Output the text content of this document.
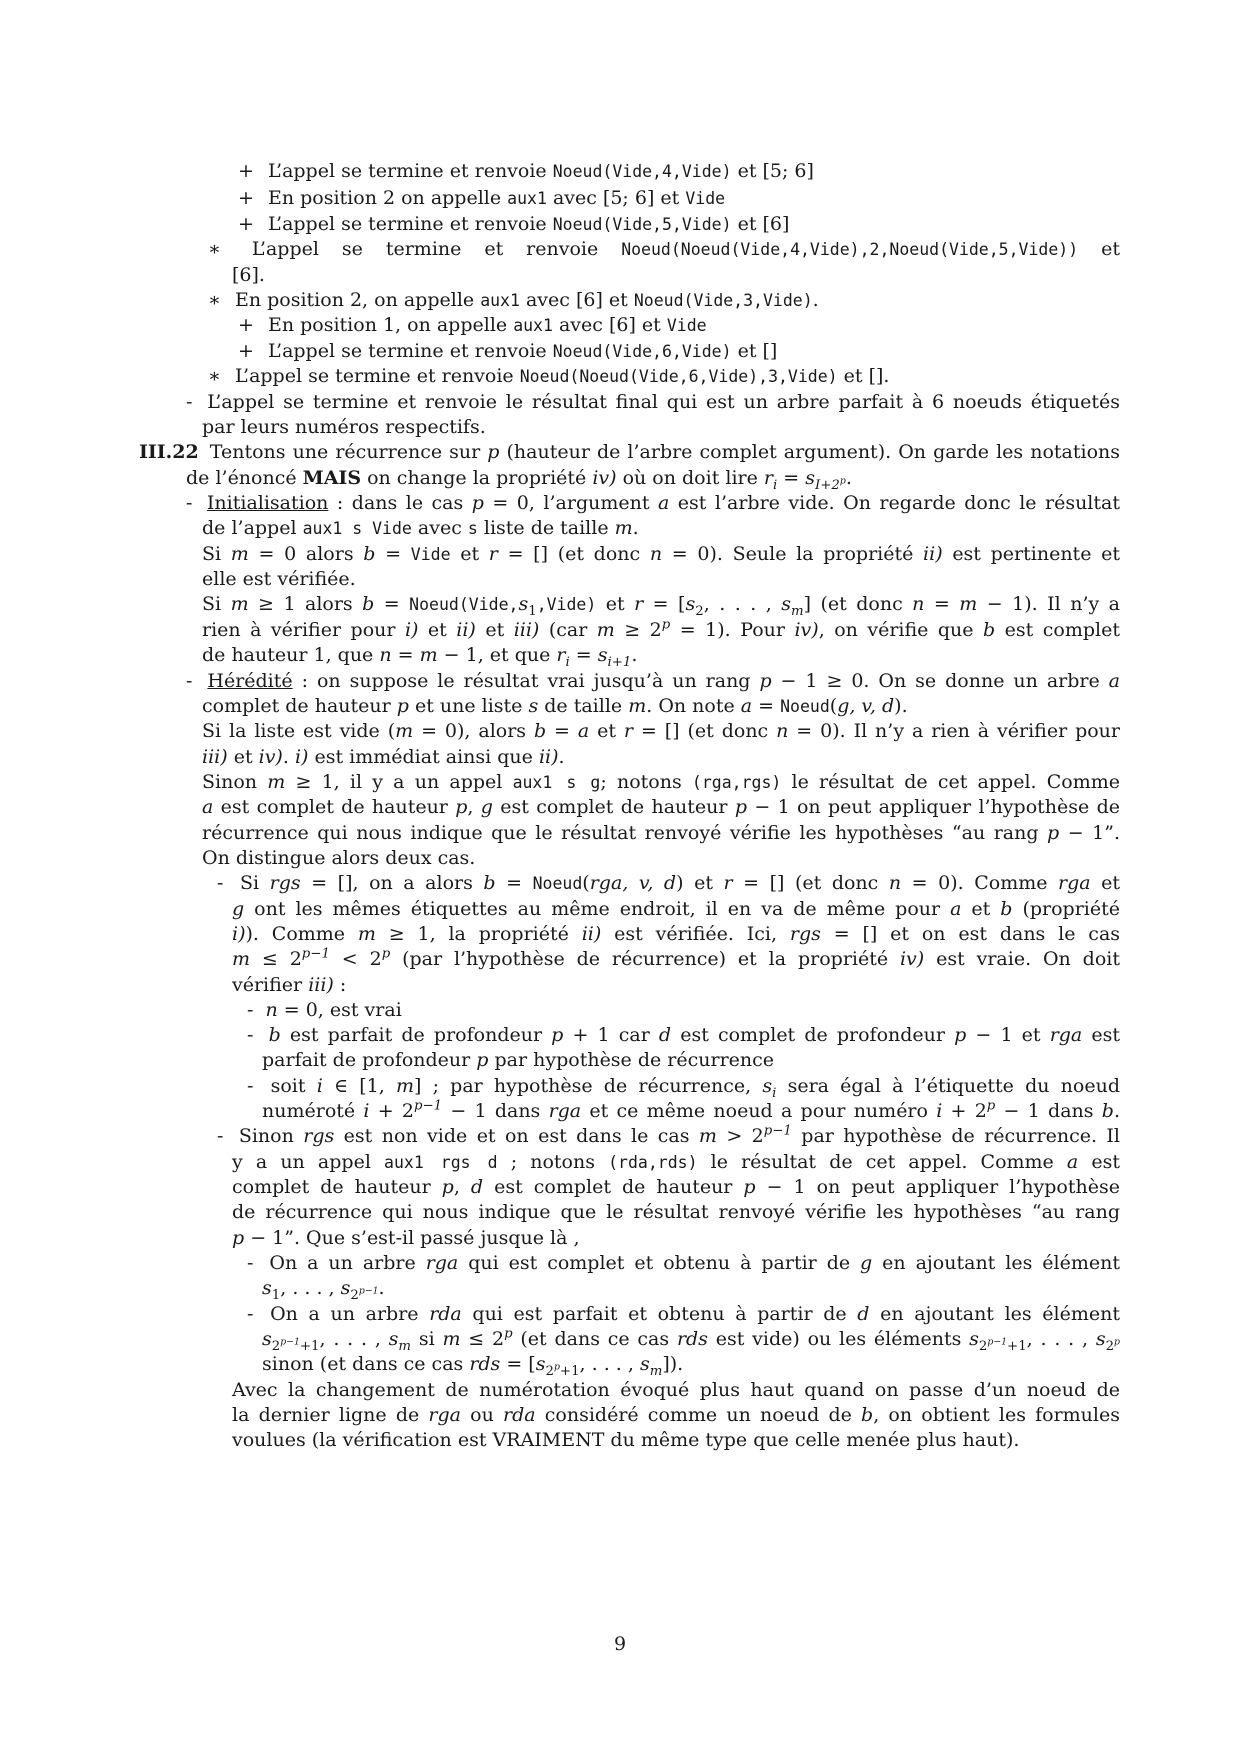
+ L’appel se termine et renvoie Noeud(Vide,4,Vide) et [5; 6]
+ En position 2 on appelle aux1 avec [5; 6] et Vide
+ L’appel se termine et renvoie Noeud(Vide,5,Vide) et [6]
∗ L’appel se termine et renvoie Noeud(Noeud(Vide,4,Vide),2,Noeud(Vide,5,Vide)) et
[6].
∗ En position 2, on appelle aux1 avec [6] et Noeud(Vide,3,Vide).
+ En position 1, on appelle aux1 avec [6] et Vide
+ L’appel se termine et renvoie Noeud(Vide,6,Vide) et []
∗ L’appel se termine et renvoie Noeud(Noeud(Vide,6,Vide),3,Vide) et [].
- L’appel se termine et renvoie le résultat final qui est un arbre parfait à 6 noeuds étiquetés
par leurs numéros respectifs.
III.22 Tentons une récurrence sur p (hauteur de l’arbre complet argument). On garde les notations
de l’énoncé MAIS on change la propriété iv) où on doit lire $r_i = s_{I+2^p}$.
- Initialisation : dans le cas p = 0, l’argument a est l’arbre vide. On regarde donc le résultat
de l’appel aux1 s Vide avec s liste de taille m.
Si m = 0 alors b = Vide et r = [] (et donc n = 0). Seule la propriété ii) est pertinente et
elle est vérifiée.
Si m ≥ 1 alors $b = Noeud(Vide,s_1,Vide)$ et $r = [s_2$, . . . , $s_m$] (et donc n = m − 1). Il n’y a
rien à vérifier pour i) et ii) et iii) (car $m \ge 2^p = 1$). Pour iv), on vérifie que b est complet
de hauteur 1, que n = m − 1, et que $r_i = s_{i+1}$.
- Hérédité : on suppose le résultat vrai jusqu’à un rang p − 1 ≥ 0. On se donne un arbre a
complet de hauteur p et une liste s de taille m. On note a = Noeud(g, v, d).
Si la liste est vide (m = 0), alors b = a et r = [] (et donc n = 0). Il n’y a rien à vérifier pour
iii) et iv). i) est immédiat ainsi que ii).
Sinon m ≥ 1, il y a un appel aux1 s g; notons (rga,rgs) le résultat de cet appel. Comme
a est complet de hauteur p, g est complet de hauteur p − 1 on peut appliquer l’hypothèse de
récurrence qui nous indique que le résultat renvoyé vérifie les hypothèses “au rang p − 1”.
On distingue alors deux cas.
- Si rgs = [], on a alors b = Noeud(rga, v, d) et r = [] (et donc n = 0). Comme rga et
g ont les mêmes étiquettes au même endroit, il en va de même pour a et b (propriété
i)). Comme m ≥ 1, la propriété ii) est vérifiée. Ici, rgs = [] et on est dans le cas
$m \le 2^{p-1} < 2^p$ (par l’hypothèse de récurrence) et la propriété iv) est vraie. On doit
vérifier iii) :
- n = 0, est vrai
- b est parfait de profondeur p + 1 car d est complet de profondeur p − 1 et rga est
parfait de profondeur p par hypothèse de récurrence
- soit i ∈ [1, m] ; par hypothèse de récurrence, $s_i$ sera égal à l’étiquette du noeud
numéroté $i + 2^{p-1} - 1$ dans rga et ce même noeud a pour numéro $i + 2^p - 1$ dans b.
- Sinon rgs est non vide et on est dans le cas $m > 2^{p-1}$ par hypothèse de récurrence. Il
y a un appel aux1 rgs d ; notons (rda,rds) le résultat de cet appel. Comme a est
complet de hauteur p, d est complet de hauteur p − 1 on peut appliquer l’hypothèse
de récurrence qui nous indique que le résultat renvoyé vérifie les hypothèses “au rang
p − 1”. Que s’est-il passé jusque là ,
- On a un arbre rga qui est complet et obtenu à partir de g en ajoutant les élément
$s_1$, . . . , $s_{2^{p-1}}$.
- On a un arbre rda qui est parfait et obtenu à partir de d en ajoutant les élément
$s_{2^{p-1}+1}$, . . . , $s_m$ si $m \le 2^p$ (et dans ce cas rds est vide) ou les éléments $s_{2^{p-1}+1}$, . . . , $s_{2^p}$
sinon (et dans ce cas rds = [$s_{2^p+1}$, . . . , $s_m$]).
Avec la changement de numérotation évoqué plus haut quand on passe d’un noeud de
la dernier ligne de rga ou rda considéré comme un noeud de b, on obtient les formules
voulues (la vérification est VRAIMENT du même type que celle menée plus haut).
9
